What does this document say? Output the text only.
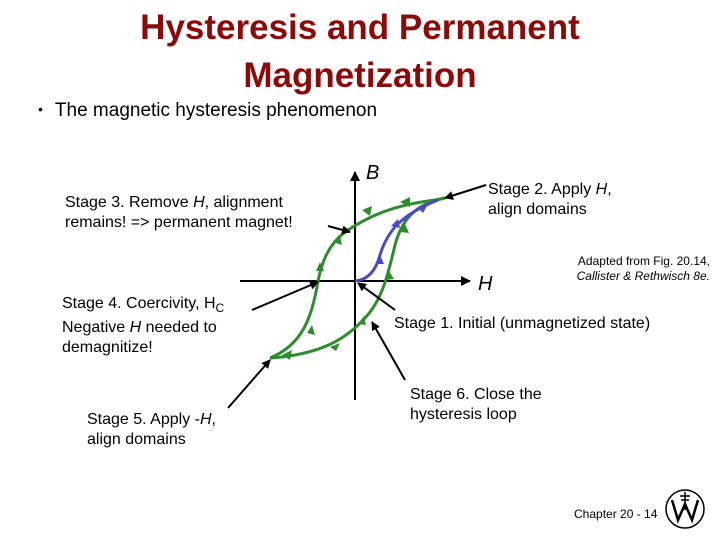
Hysteresis and Permanent
Magnetization
• The magnetic hysteresis phenomenon
B
H
Stage 2. Apply H,
align domains
Stage 3. Remove H, alignment
remains! => permanent magnet!
Adapted from Fig. 20.14,
Callister & Rethwisch 8e.
Stage 4. Coercivity, $H_C$
Negative H needed to
demagnitize!
Stage 1. Initial (unmagnetized state)
Stage 6. Close the
hysteresis loop
Stage 5. Apply -H,
align domains
Chapter 20 - 14
